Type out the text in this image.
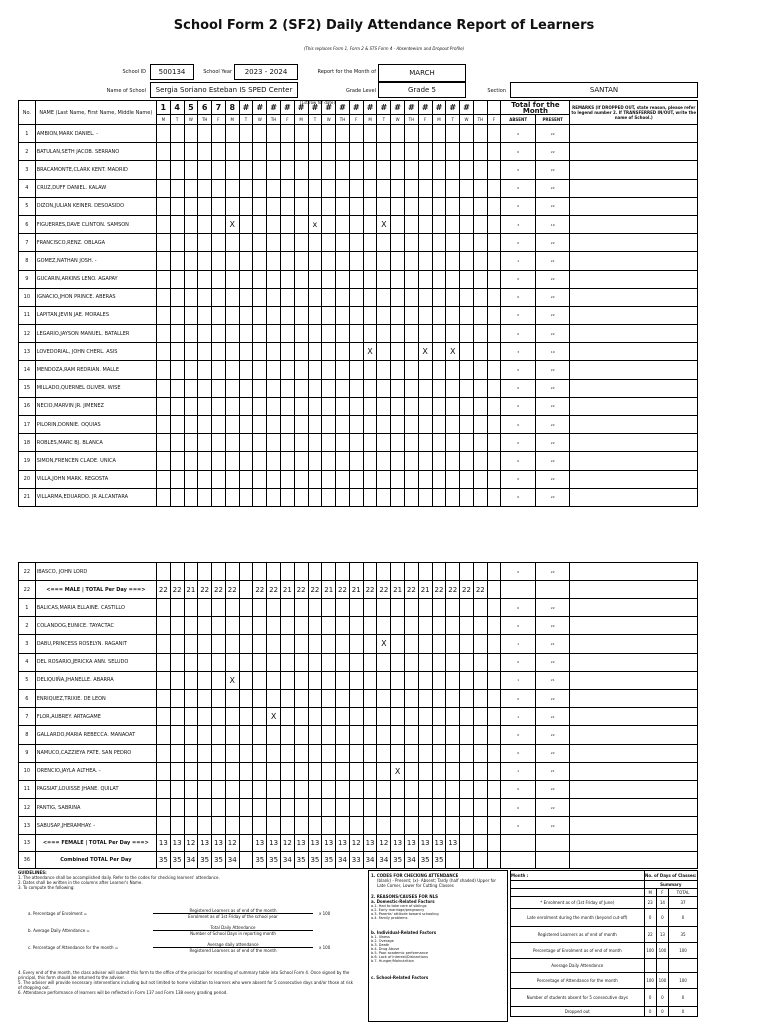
School Form 2 (SF2) Daily Attendance Report of Learners
(This replaces Form 1, Form 2 & STS Form 4 - Absenteeism and Dropout Profile)
School ID	500134	School Year	2023 - 2024	Report for the Month of	MARCH
Name of School	Sergia Soriano Esteban IS SPED Center	Grade Level	Grade 5	Section	SANTAN
(1st row for date)
No.	NAME (Last Name, First Name, Middle Name)	1	4	5	6	7	8	#	#	#	#	#	#	#	#	#	#	#	#	#	#	#	#	#			Total for the Month		REMARKS (If DROPPED OUT, state reason, please refer to legend number 2. If TRANSFERRED IN/OUT, write the name of School.)
		M	T	W	TH	F	M	T	W	TH	F	M	T	W	TH	F	M	T	W	TH	F	M	T	W	TH	F	ABSENT	PRESENT	
1	AMBION,MARK DANIEL. -																										0	22	
2	BATULAN,SETH JACOB. SERRANO																										0	22	
3	BRACAMONTE,CLARK KENT. MADRID																										0	22	
4	CRUZ,DUFF DANIEL. KALAW																										0	22	
5	DIZON,JULIAN KEINER. DESOASIDO																										0	22	
6	FIGUERRES,DAVE CLINTON. SAMSON						X						x					X									3	19	
7	FRANCISCO,RENZ. OBLAGA																										0	22	
8	GOMEZ,NATHAN JOSH. -																										1	21	
9	GUCARIN,ARKINS LENO. AGAPAY																										0	22	
10	IGNACIO,JHON PRINCE. ABERAS																										0	22	
11	LAPITAN,JEVIN JAE. MORALES																										0	22	
12	LEGARIO,JAYSON MANUEL. BATALLER																										0	22	
13	LOVEDORIAL, JOHN CHERL. ASIS																X				X		X				3	19	
14	MENDOZA,RAM REDRIAN. MALLE																										0	22	
15	MILLADO,QUERNEL OLIVER. WISE																										0	22	
16	NECIO,MARVIN JR. JIMENEZ																										0	22	
17	PILORIN,DONNIE. OQUIAS																										0	22	
18	ROBLES,MARC BJ. BLANCA																										0	22	
19	SIMON,FRENCEN CLADE. UNICA																										0	22	
20	VILLA,JOHN MARK. REGOSTA																										0	22	
21	VILLARMA,EDUARDO. JR ALCANTARA																										0	22	
22	IBASCO, JOHN LORD																										0	22	
22	<=== MALE | TOTAL Per Day ===>	22	22	21	22	22	22		22	22	21	22	22	21	22	21	22	22	21	22	21	22	22	22	22				
1	BALICAS,MARIA ELLAINE. CASTILLO																										0	22	
2	COLANDOG,EUNICE. TAYACTAC																										0	22	
3	DABU,PRINCESS ROSELYN. RAGANIT																	X									1	21	
4	DEL ROSARIO,JERICKA ANN. SELUDO																										0	22	
5	DELIQUIÑA,JHANELLE. ABARRA						X																				1	21	
6	ENRIQUEZ,TRIXIE. DE LEON																										0	22	
7	FLOR,AUBREY. ARTAGAME									X																	1	21	
8	GALLARDO,MARIA REBECCA. MANAOAT																										0	22	
9	NAMUCO,CAZZIEYA FATE. SAN PEDRO																										0	22	
10	ORENCIO,JAYLA ALTHEA. -																		X								1	21	
11	PAGSIAT,LOUISSE JHANE. QUILAT																										0	22	
12	PANTIG, SABRINA																										0	22	
13	SABUSAP,JHERAMHAY. -																										0	22	
13	<=== FEMALE | TOTAL Per Day ===>	13	13	12	13	13	12		13	13	12	13	13	13	13	12	13	12	13	13	13	13	13						
36	Combined TOTAL Per Day	35	35	34	35	35	34		35	35	34	35	35	35	34	33	34	34	35	34	35	35							
GUIDELINES:
1. The attendance shall be accomplished daily. Refer to the codes for checking learners' attendance.
2. Dates shall be written in the columns after Learner's Name.
3. To compute the following:
a. Percentage of Enrolment =
Registered Learners as of end of the month
Enrolment as of 1st Friday of the school year
x 100
b. Average Daily Attendance =
Total Daily Attendance
Number of School Days in reporting month
c. Percentage of Attendance for the month =
Average daily attendance
Registered Learners as of end of the month
x 100
4. Every end of the month, the class adviser will submit this form to the office of the principal for recording of summary table into School Form 4. Once signed by the principal, this form should be returned to the adviser.
5. The adviser will provide necessary interventions including but not limited to home visitation to learners who were absent for 5 consecutive days and/or those at risk of dropping out.
6. Attendance performance of learners will be reflected in Form 137 and Form 138 every grading period.
1. CODES FOR CHECKING ATTENDANCE
(blank) - Present; (x)- Absent; Tardy (half shaded) Upper for Late Comer, Lower for Cutting Classes
2. REASONS/CAUSES FOR NLS
a. Domestic-Related Factors
a.1. Had to take care of siblings
a.2. Early marriage/pregnancy
a.3. Parents' attitude toward schooling
a.4. Family problems
b. Individual-Related Factors
b.1. Illness
b.2. Overage
b.3. Death
b.4. Drug Abuse
b.5. Poor academic performance
b.6. Lack of interest/Distractions
b.7. Hunger/Malnutrition
c. School-Related Factors
Month :	No. of Days of Classes:		
	Summary		
	M	F	TOTAL
* Enrolment as of (1st Friday of June)	23	14	37
Late enrolment during the month (beyond cut-off)	0	0	0
Registered Learners as of end of month	22	13	35
Percentage of Enrolment as of end of month	100	100	100
Average Daily Attendance			
Percentage of Attendance for the month	100	100	100
Number of students absent for 5 consecutive days	0	0	0
Dropped out	0	0	0
